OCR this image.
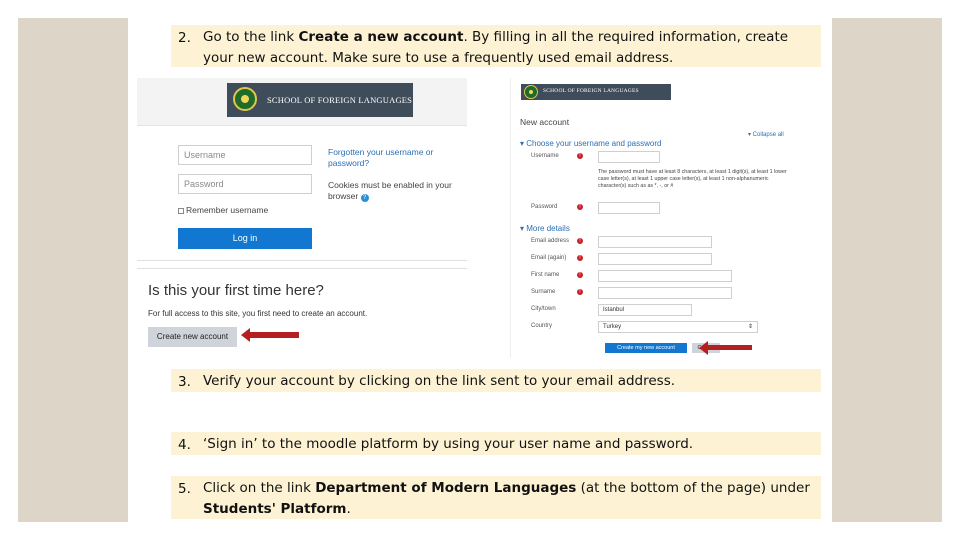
2. Go to the link Create a new account. By filling in all the required information, create your new account. Make sure to use a frequently used email address.
SCHOOL OF FOREIGN LANGUAGES
Username
Password
Forgotten your username or password?
Cookies must be enabled in your browser ?
Remember username
Log in
Is this your first time here?
For full access to this site, you first need to create an account.
Create new account
SCHOOL OF FOREIGN LANGUAGES
New account
▾ Collapse all
▾ Choose your username and password
Username	!
The password must have at least 8 characters, at least 1 digit(s), at least 1 lower case letter(s), at least 1 upper case letter(s), at least 1 non-alphanumeric character(s) such as as *, -, or #
Password	!
▾ More details
Email address	!
Email (again)	!
First name	!
Surname	!
City/town	Istanbul
Country	Turkey	⇕
Create my new account
3. Verify your account by clicking on the link sent to your email address.
4. ‘Sign in’ to the moodle platform by using your user name and password.
5. Click on the link Department of Modern Languages (at the bottom of the page) under Students' Platform.
